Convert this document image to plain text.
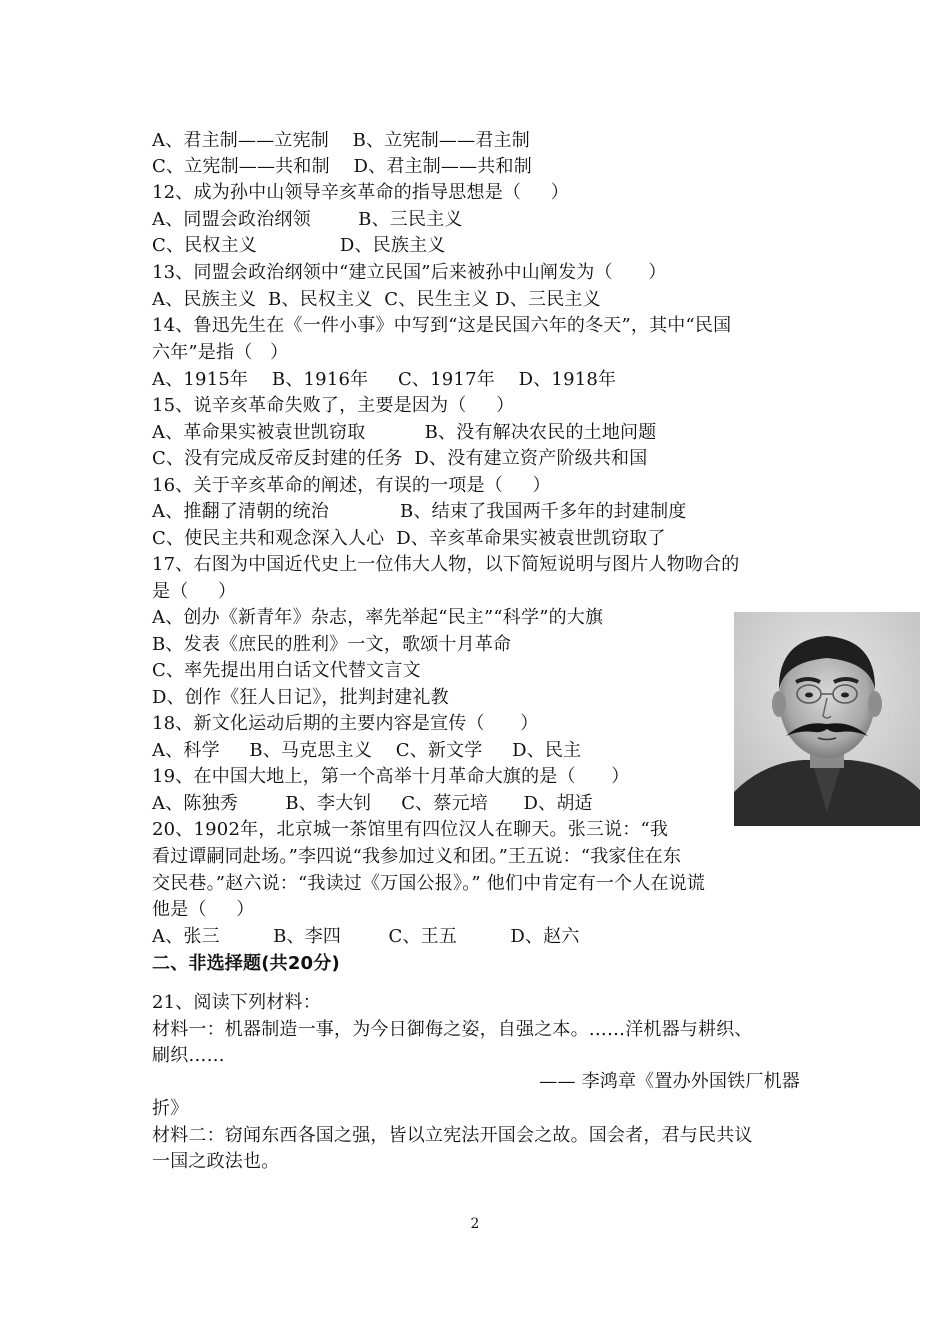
A、君主制——立宪制    B、立宪制——君主制
C、立宪制——共和制    D、君主制——共和制
12、成为孙中山领导辛亥革命的指导思想是（     ）
A、同盟会政治纲领        B、三民主义
C、民权主义              D、民族主义
13、同盟会政治纲领中“建立民国”后来被孙中山阐发为（      ）
A、民族主义  B、民权主义  C、民生主义 D、三民主义
14、鲁迅先生在《一件小事》中写到“这是民国六年的冬天”，其中“民国
六年”是指（   ）
A、1915年    B、1916年     C、1917年    D、1918年
15、说辛亥革命失败了，主要是因为（     ）
A、革命果实被袁世凯窃取          B、没有解决农民的土地问题
C、没有完成反帝反封建的任务  D、没有建立资产阶级共和国
16、关于辛亥革命的阐述，有误的一项是（     ）
A、推翻了清朝的统治            B、结束了我国两千多年的封建制度
C、使民主共和观念深入人心  D、辛亥革命果实被袁世凯窃取了
17、右图为中国近代史上一位伟大人物，以下简短说明与图片人物吻合的
是（     ）
A、创办《新青年》杂志，率先举起“民主”“科学”的大旗
B、发表《庶民的胜利》一文，歌颂十月革命
C、率先提出用白话文代替文言文
D、创作《狂人日记》，批判封建礼教
18、新文化运动后期的主要内容是宣传（      ）
A、科学     B、马克思主义    C、新文学     D、民主
19、在中国大地上，第一个高举十月革命大旗的是（      ）
A、陈独秀        B、李大钊     C、蔡元培      D、胡适
20、1902年，北京城一茶馆里有四位汉人在聊天。张三说：“我
看过谭嗣同赴场。”李四说“我参加过义和团。”王五说：“我家住在东
交民巷。”赵六说：“我读过《万国公报》。” 他们中肯定有一个人在说谎
他是（     ）
A、张三         B、李四        C、王五         D、赵六
二、非选择题(共20分)
21、阅读下列材料：
材料一：机器制造一事，为今日御侮之姿，自强之本。……洋机器与耕织、
刷织……
—— 李鸿章《置办外国铁厂机器
折》
材料二：窃闻东西各国之强，皆以立宪法开国会之故。国会者，君与民共议
一国之政法也。
2
